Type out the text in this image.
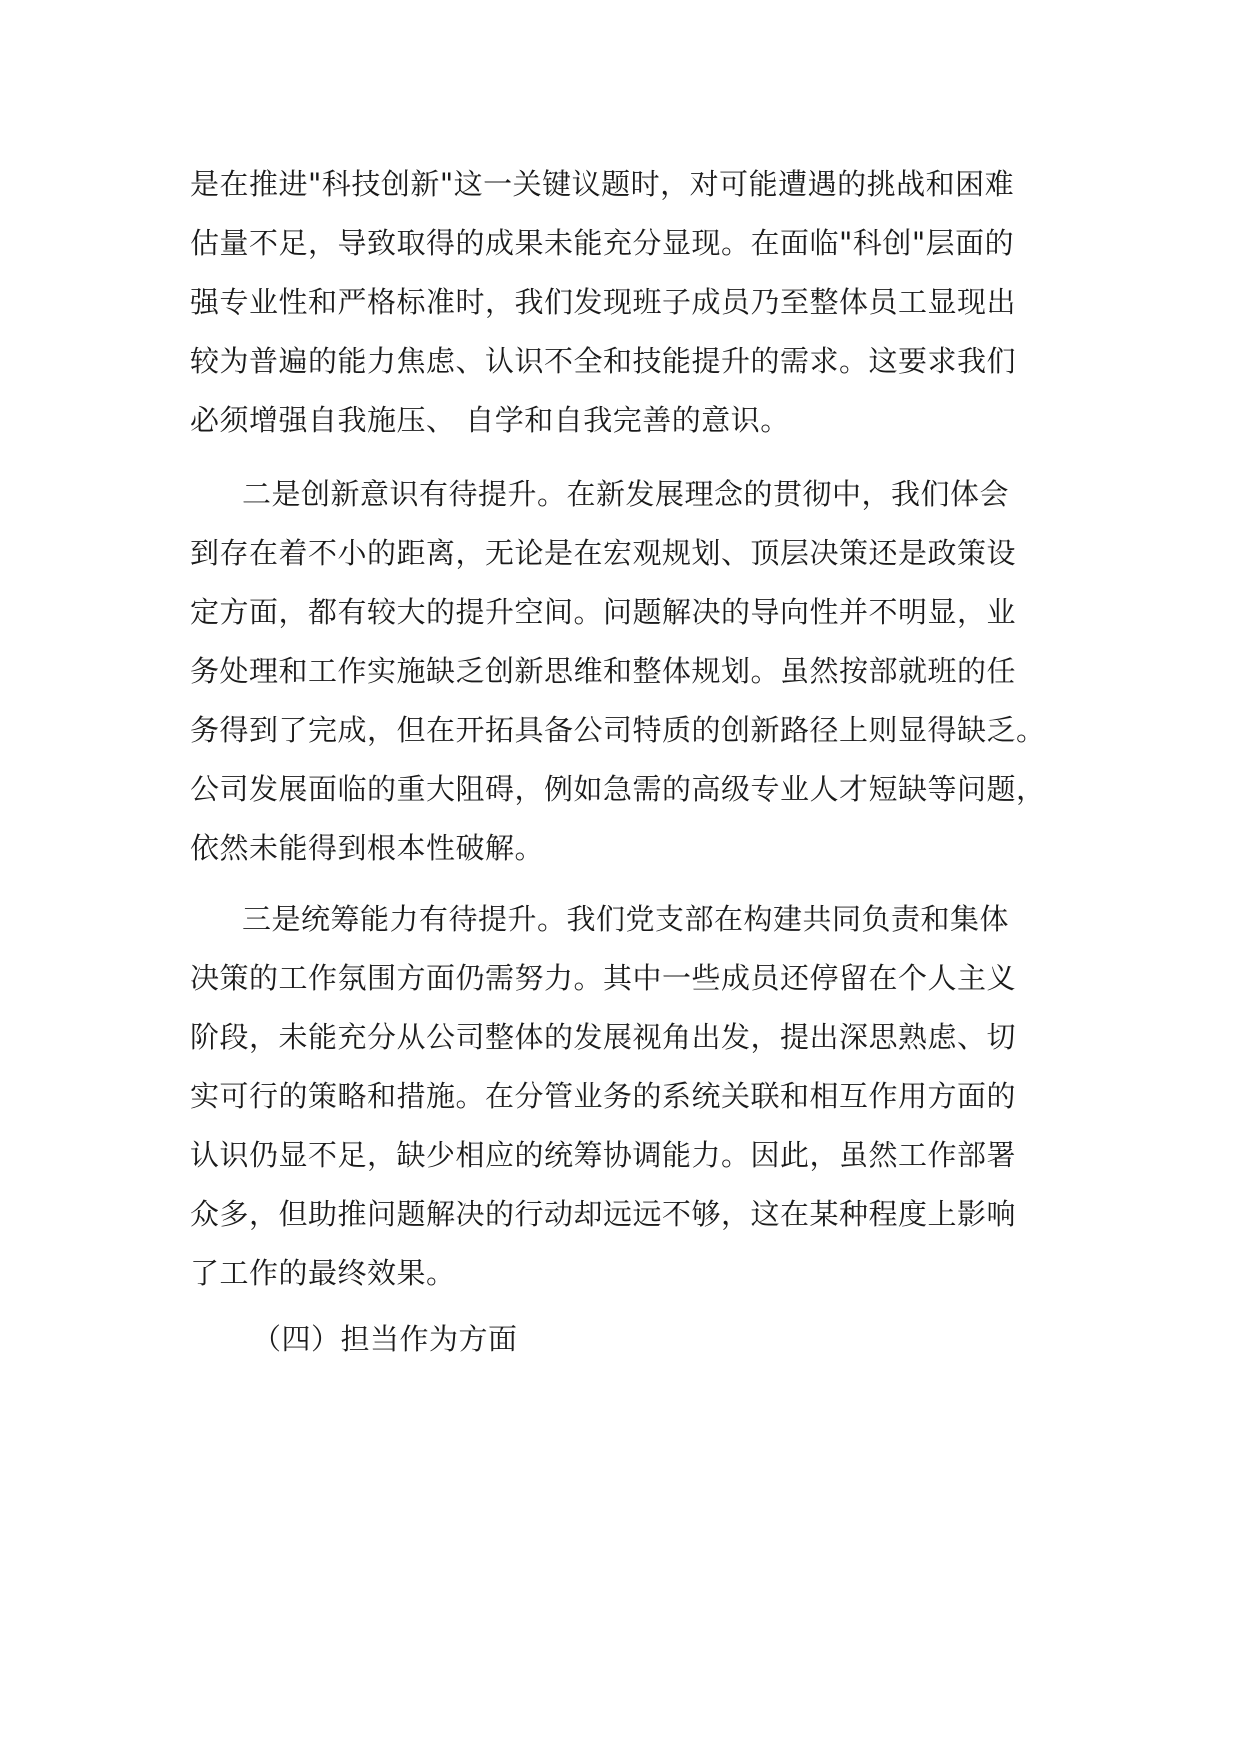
是在推进"科技创新"这一关键议题时，对可能遭遇的挑战和困难
估量不足，导致取得的成果未能充分显现。在面临"科创"层面的
强专业性和严格标准时，我们发现班子成员乃至整体员工显现出
较为普遍的能力焦虑、认识不全和技能提升的需求。这要求我们
必须增强自我施压、 自学和自我完善的意识。
二是创新意识有待提升。在新发展理念的贯彻中，我们体会
到存在着不小的距离，无论是在宏观规划、顶层决策还是政策设
定方面，都有较大的提升空间。问题解决的导向性并不明显，业
务处理和工作实施缺乏创新思维和整体规划。虽然按部就班的任
务得到了完成，但在开拓具备公司特质的创新路径上则显得缺乏。
公司发展面临的重大阻碍，例如急需的高级专业人才短缺等问题，
依然未能得到根本性破解。
三是统筹能力有待提升。我们党支部在构建共同负责和集体
决策的工作氛围方面仍需努力。其中一些成员还停留在个人主义
阶段，未能充分从公司整体的发展视角出发，提出深思熟虑、切
实可行的策略和措施。在分管业务的系统关联和相互作用方面的
认识仍显不足，缺少相应的统筹协调能力。因此，虽然工作部署
众多，但助推问题解决的行动却远远不够，这在某种程度上影响
了工作的最终效果。
（四）担当作为方面
